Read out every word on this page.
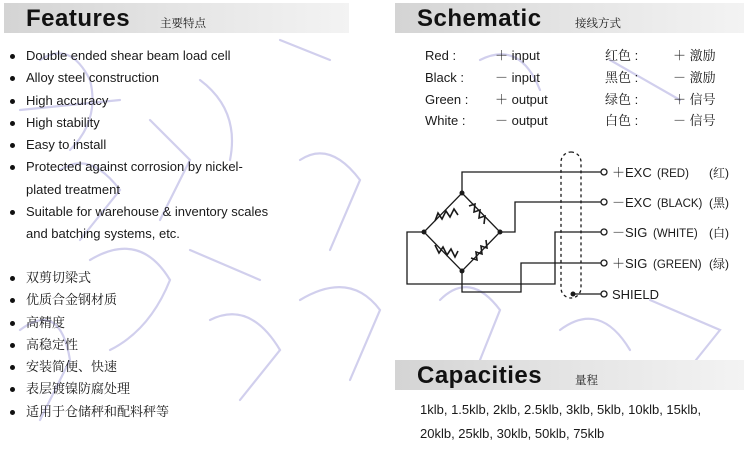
Features	主要特点
Double ended shear beam load cell
Alloy steel construction
High accuracy
High stability
Easy to install
Protected against corrosion by nickel-
plated treatment
Suitable for warehouse & inventory scales
and batching systems, etc.
双剪切梁式
优质合金钢材质
高精度
高稳定性
安装简便、快速
表层镀镍防腐处理
适用于仓储秤和配料秤等
Schematic	接线方式
Red :	＋ input	红色 :	＋ 激励
Black : － input	黑色 :	－ 激励
Green : ＋ output	绿色 :	＋ 信号
White : － output	白色 :	－ 信号
＋EXC (RED) (红)
－EXC (BLACK) (黑)
－SIG (WHITE) (白)
＋SIG (GREEN) (绿)
SHIELD
Capacities	量程
1klb, 1.5klb, 2klb, 2.5klb, 3klb, 5klb, 10klb, 15klb,
20klb, 25klb, 30klb, 50klb, 75klb
